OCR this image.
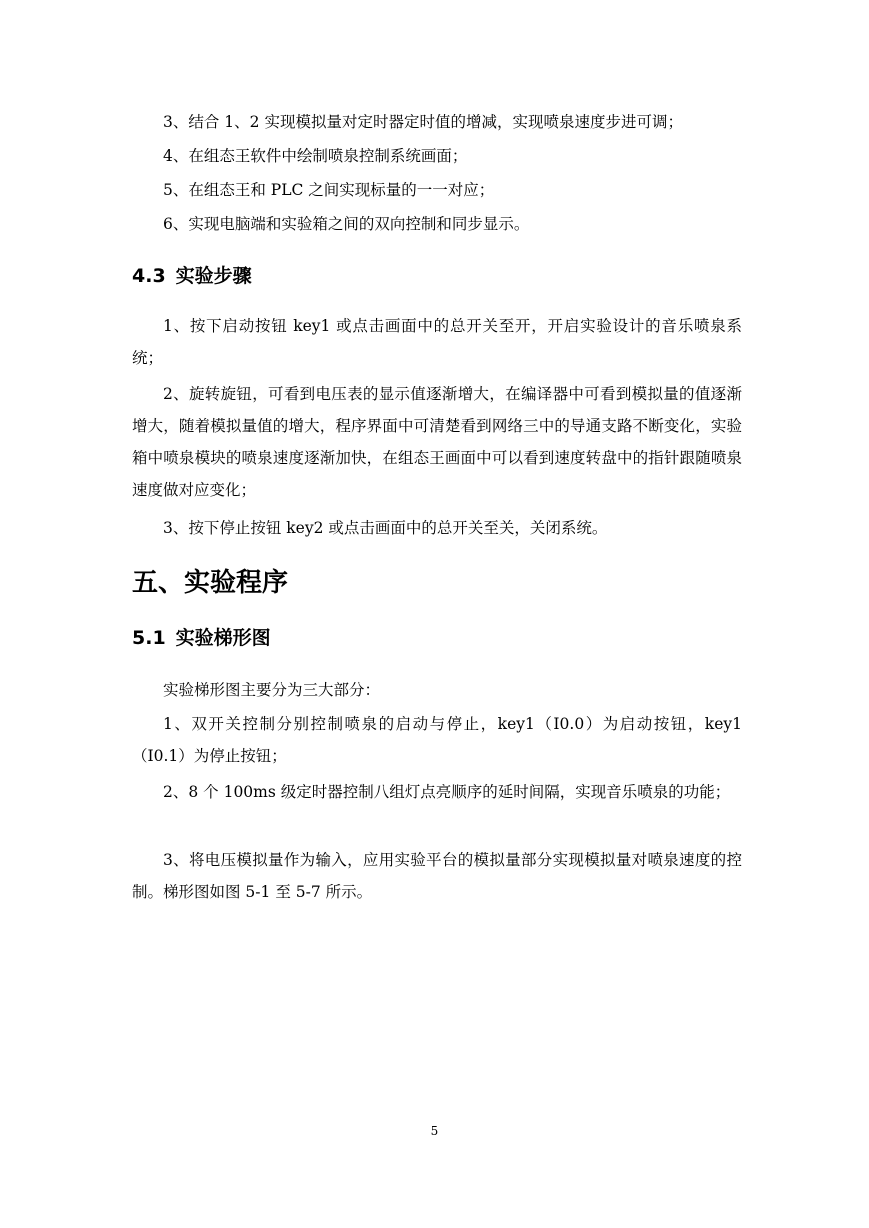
3、结合 1、2 实现模拟量对定时器定时值的增减，实现喷泉速度步进可调；

4、在组态王软件中绘制喷泉控制系统画面；

5、在组态王和 PLC 之间实现标量的一一对应；

6、实现电脑端和实验箱之间的双向控制和同步显示。

4.3 实验步骤

1、按下启动按钮 key1 或点击画面中的总开关至开，开启实验设计的音乐喷泉系统；

2、旋转旋钮，可看到电压表的显示值逐渐增大，在编译器中可看到模拟量的值逐渐增大，随着模拟量值的增大，程序界面中可清楚看到网络三中的导通支路不断变化，实验箱中喷泉模块的喷泉速度逐渐加快，在组态王画面中可以看到速度转盘中的指针跟随喷泉速度做对应变化；

3、按下停止按钮 key2 或点击画面中的总开关至关，关闭系统。

五、实验程序
5.1 实验梯形图

实验梯形图主要分为三大部分：

1、双开关控制分别控制喷泉的启动与停止，key1（I0.0）为启动按钮，key1（I0.1）为停止按钮；

2、8 个 100ms 级定时器控制八组灯点亮顺序的延时间隔，实现音乐喷泉的功能；

3、将电压模拟量作为输入，应用实验平台的模拟量部分实现模拟量对喷泉速度的控制。梯形图如图 5-1 至 5-7 所示。

5
